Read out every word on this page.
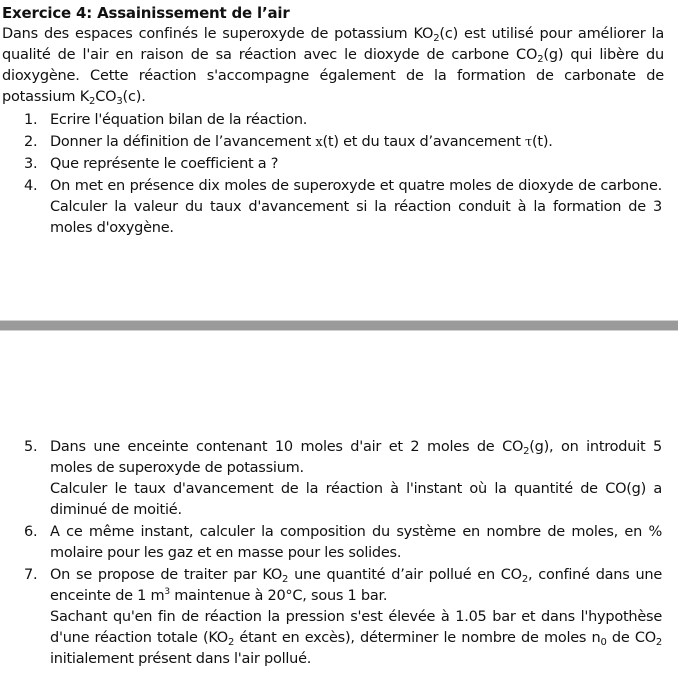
Exercice 4: Assainissement de l’air
Dans des espaces confinés le superoxyde de potassium $KO_2(c)$ est utilisé pour améliorer la qualité de l'air en raison de sa réaction avec le dioxyde de carbone $CO_2(g)$ qui libère du dioxygène. Cette réaction s'accompagne également de la formation de carbonate de potassium $K_2CO_3(c)$.
1. Ecrire l'équation bilan de la réaction.
2. Donner la définition de l’avancement x(t) et du taux d’avancement τ(t).
3. Que représente le coefficient a ?
4. On met en présence dix moles de superoxyde et quatre moles de dioxyde de carbone. Calculer la valeur du taux d'avancement si la réaction conduit à la formation de 3 moles d'oxygène.
5. Dans une enceinte contenant 10 moles d'air et 2 moles de $CO_2(g)$, on introduit 5 moles de superoxyde de potassium.
Calculer le taux d'avancement de la réaction à l'instant où la quantité de CO(g) a diminué de moitié.
6. A ce même instant, calculer la composition du système en nombre de moles, en % molaire pour les gaz et en masse pour les solides.
7. On se propose de traiter par $KO_2$ une quantité d’air pollué en $CO_2$, confiné dans une enceinte de 1 $m^3$ maintenue à 20°C, sous 1 bar.
Sachant qu'en fin de réaction la pression s'est élevée à 1.05 bar et dans l'hypothèse d'une réaction totale ($KO_2$ étant en excès), déterminer le nombre de moles $n_0$ de $CO_2$ initialement présent dans l'air pollué.
